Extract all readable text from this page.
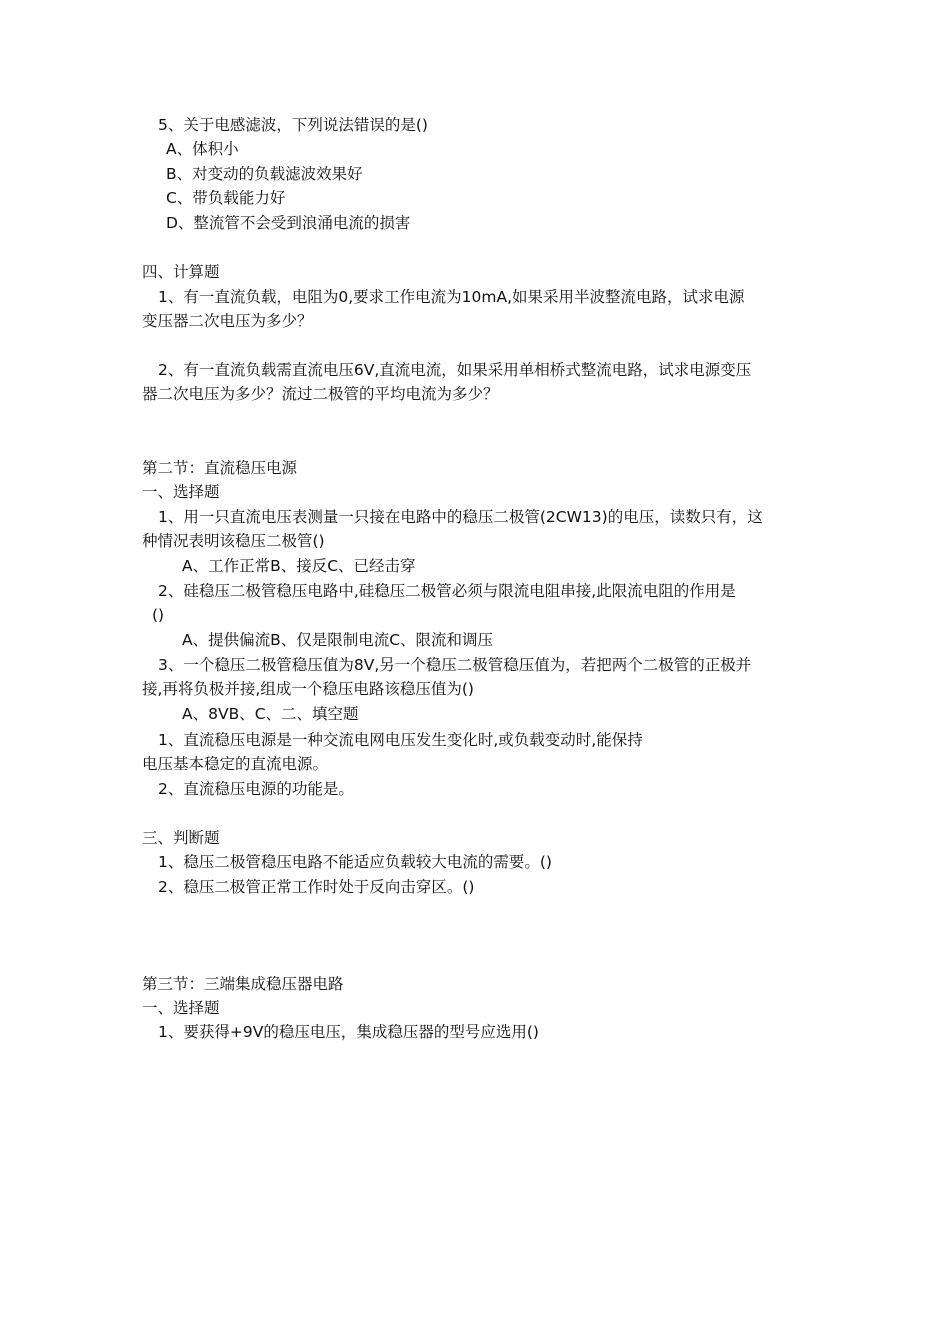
5、关于电感滤波，下列说法错误的是()
A、体积小
B、对变动的负载滤波效果好
C、带负载能力好
D、整流管不会受到浪涌电流的损害
四、计算题
1、有一直流负载，电阻为0,要求工作电流为10mA,如果采用半波整流电路，试求电源
变压器二次电压为多少？
2、有一直流负载需直流电压6V,直流电流，如果采用单相桥式整流电路，试求电源变压
器二次电压为多少？流过二极管的平均电流为多少？
第二节：直流稳压电源
一、选择题
1、用一只直流电压表测量一只接在电路中的稳压二极管(2CW13)的电压，读数只有，这
种情况表明该稳压二极管()
A、工作正常B、接反C、已经击穿
2、硅稳压二极管稳压电路中,硅稳压二极管必须与限流电阻串接,此限流电阻的作用是
()
A、提供偏流B、仅是限制电流C、限流和调压
3、一个稳压二极管稳压值为8V,另一个稳压二极管稳压值为，若把两个二极管的正极并
接,再将负极并接,组成一个稳压电路该稳压值为()
A、8VB、C、二、填空题
1、直流稳压电源是一种交流电网电压发生变化时,或负载变动时,能保持
电压基本稳定的直流电源。
2、直流稳压电源的功能是。
三、判断题
1、稳压二极管稳压电路不能适应负载较大电流的需要。()
2、稳压二极管正常工作时处于反向击穿区。()
第三节：三端集成稳压器电路
一、选择题
1、要获得+9V的稳压电压，集成稳压器的型号应选用()
